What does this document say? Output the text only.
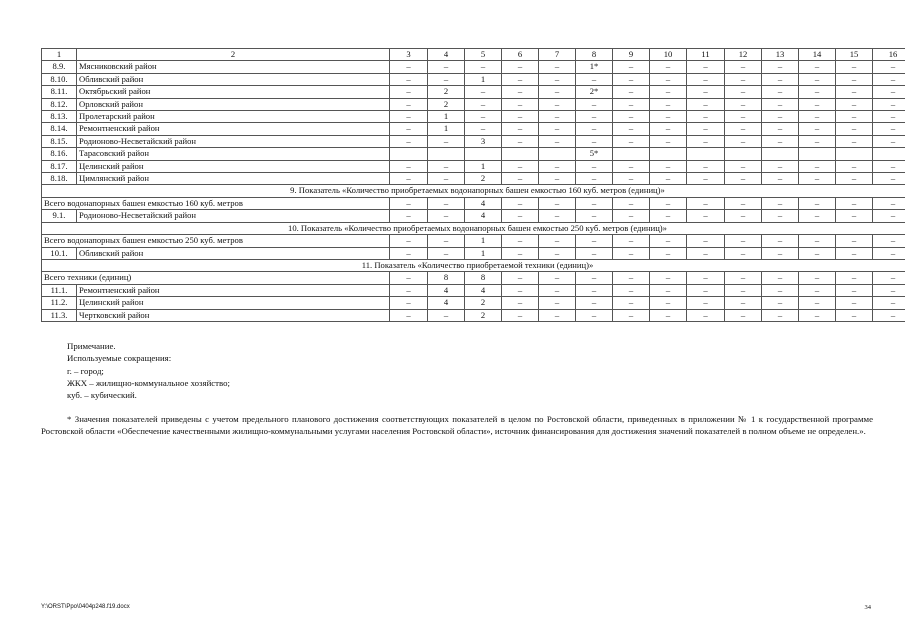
1	2	3	4	5	6	7	8	9	10	11	12	13	14	15	16
8.9.	Мясниковский район	–	–	–	–	–	1*	–	–	–	–	–	–	–	–
8.10.	Обливский район	–	–	1	–	–	–	–	–	–	–	–	–	–	–
8.11.	Октябрьский район	–	2	–	–	–	2*	–	–	–	–	–	–	–	–
8.12.	Орловский район	–	2	–	–	–	–	–	–	–	–	–	–	–	–
8.13.	Пролетарский район	–	1	–	–	–	–	–	–	–	–	–	–	–	–
8.14.	Ремонтненский район	–	1	–	–	–	–	–	–	–	–	–	–	–	–
8.15.	Родионово-Несветайский район	–	–	3	–	–	–	–	–	–	–	–	–	–	–
8.16.	Тарасовский район						5*								
8.17.	Целинский район	–	–	1	–	–	–	–	–	–	–	–	–	–	–
8.18.	Цимлянский район	–	–	2	–	–	–	–	–	–	–	–	–	–	–
9. Показатель «Количество приобретаемых водонапорных башен емкостью 160 куб. метров (единиц)»															
Всего водонапорных башен емкостью 160 куб. метров		–	–	4	–	–	–	–	–	–	–	–	–	–	–
9.1.	Родионово-Несветайский район	–	–	4	–	–	–	–	–	–	–	–	–	–	–
10. Показатель «Количество приобретаемых водонапорных башен емкостью 250 куб. метров (единиц)»															
Всего водонапорных башен емкостью 250 куб. метров		–	–	1	–	–	–	–	–	–	–	–	–	–	–
10.1.	Обливский район	–	–	1	–	–	–	–	–	–	–	–	–	–	–
11. Показатель «Количество приобретаемой техники (единиц)»															
Всего техники (единиц)		–	8	8	–	–	–	–	–	–	–	–	–	–	–
11.1.	Ремонтненский район	–	4	4	–	–	–	–	–	–	–	–	–	–	–
11.2.	Целинский район	–	4	2	–	–	–	–	–	–	–	–	–	–	–
11.3.	Чертковский район	–	–	2	–	–	–	–	–	–	–	–	–	–	–
Примечание.
Используемые сокращения:
г. – город;
ЖКХ – жилищно-коммунальное хозяйство;
куб. – кубический.
* Значения показателей приведены с учетом предельного планового достижения соответствующих показателей в целом по Ростовской области, приведенных в приложении № 1 к государственной программе Ростовской области «Обеспечение качественными жилищно-коммунальными услугами населения Ростовской области», источник финансирования для достижения значений показателей в полном объеме не определен.».
Y:\ORST\Ppo\0404p248.f19.docx	34
